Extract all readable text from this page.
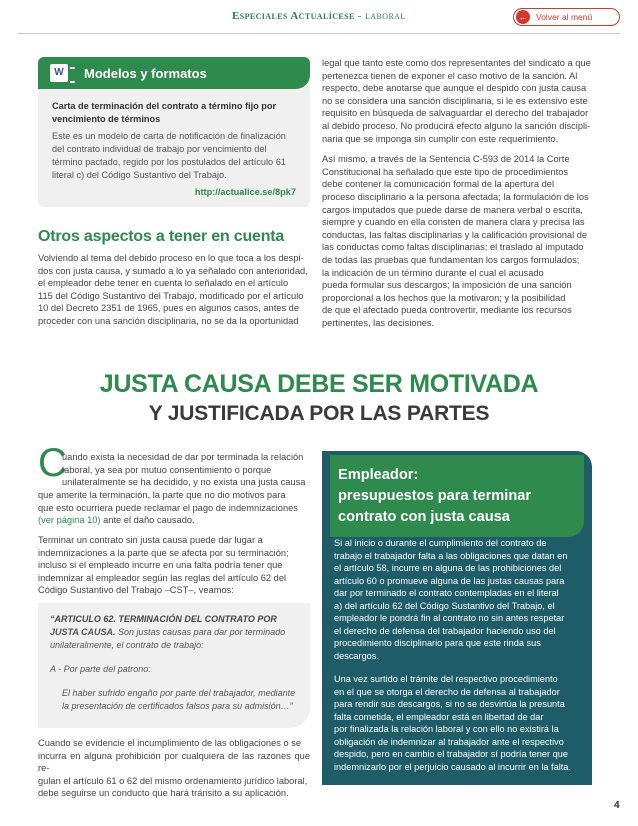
Especiales Actualícese - laboral	← Volver al menú
W	Modelos y formatos
Carta de terminación del contrato a término fijo por
vencimiento de términos
Este es un modelo de carta de notificación de finalización
del contrato individual de trabajo por vencimiento del
término pactado, regido por los postulados del artículo 61
literal c) del Código Sustantivo del Trabajo.
http://actualice.se/8pk7
Otros aspectos a tener en cuenta
Volviendo al tema del debido proceso en lo que toca a los despi-
dos con justa causa, y sumado a lo ya señalado con anterioridad,
el empleador debe tener en cuenta lo señalado en el artículo
115 del Código Sustantivo del Trabajo, modificado por el artículo
10 del Decreto 2351 de 1965, pues en algunos casos, antes de
proceder con una sanción disciplinaria, no se da la oportunidad
legal que tanto este como dos representantes del sindicato a que
pertenezca tienen de exponer el caso motivo de la sanción. Al
respecto, debe anotarse que aunque el despido con justa causa
no se considera una sanción disciplinaria, si le es extensivo este
requisito en búsqueda de salvaguardar el derecho del trabajador
al debido proceso. No producirá efecto alguno la sanción discipli-
naria que se imponga sin cumplir con este requerimiento.
Así mismo, a través de la Sentencia C-593 de 2014 la Corte
Constitucional ha señalado que este tipo de procedimientos
debe contener la comunicación formal de la apertura del
proceso disciplinario a la persona afectada; la formulación de los
cargos imputados que puede darse de manera verbal o escrita,
siempre y cuando en ella consten de manera clara y precisa las
conductas, las faltas disciplinarias y la calificación provisional de
las conductas como faltas disciplinarias; el traslado al imputado
de todas las pruebas que fundamentan los cargos formulados;
la indicación de un término durante el cual el acusado
pueda formular sus descargos; la imposición de una sanción
proporcional a los hechos que la motivaron; y la posibilidad
de que el afectado pueda controvertir, mediante los recursos
pertinentes, las decisiones.
JUSTA CAUSA DEBE SER MOTIVADA
Y JUSTIFICADA POR LAS PARTES
C
uando exista la necesidad de dar por terminada la relación
laboral, ya sea por mutuo consentimiento o porque
unilateralmente se ha decidido, y no exista una justa causa
que amerite la terminación, la parte que no dio motivos para
que esto ocurriera puede reclamar el pago de indemnizaciones
(ver página 10) ante el daño causado.
Terminar un contrato sin justa causa puede dar lugar a
indemnizaciones a la parte que se afecta por su terminación;
incluso si el empleado incurre en una falta podría tener que
indemnizar al empleador según las reglas del artículo 62 del
Código Sustantivo del Trabajo –CST–, veamos:
“ARTICULO 62. TERMINACIÓN DEL CONTRATO POR
JUSTA CAUSA. Son justas causas para dar por terminado
unilateralmente, el contrato de trabajo:
A - Por parte del patrono:
El haber sufrido engaño por parte del trabajador, mediante
la presentación de certificados falsos para su admisión…”
Cuando se evidencie el incumplimiento de las obligaciones o se
incurra en alguna prohibición por cualquiera de las razones que re-
gulan el artículo 61 o 62 del mismo ordenamiento jurídico laboral,
debe seguirse un conducto que hará tránsito a su aplicación.
Empleador:
presupuestos para terminar
contrato con justa causa
Si al inicio o durante el cumplimiento del contrato de
trabajo el trabajador falta a las obligaciones que datan en
el artículo 58, incurre en alguna de las prohibiciones del
artículo 60 o promueve alguna de las justas causas para
dar por terminado el contrato contempladas en el literal
a) del artículo 62 del Código Sustantivo del Trabajo, el
empleador le pondrá fin al contrato no sin antes respetar
el derecho de defensa del trabajador haciendo uso del
procedimiento disciplinario para que este rinda sus
descargos.
Una vez surtido el trámite del respectivo procedimiento
en el que se otorga el derecho de defensa al trabajador
para rendir sus descargos, si no se desvirtúa la presunta
falta cometida, el empleador está en libertad de dar
por finalizada la relación laboral y con ello no existirá la
obligación de indemnizar al trabajador ante el respectivo
despido, pero en cambio el trabajador sí podría tener que
indemnizarlo por el perjuicio causado al incurrir en la falta.
4
